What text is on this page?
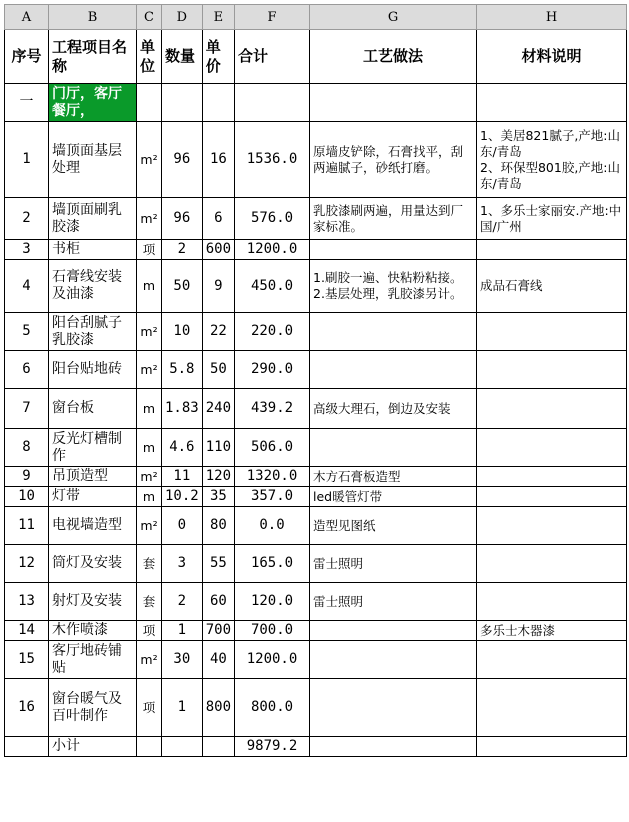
A	B	C	D	E	F	G	H
序号	工程项目名称	单位	数量	单价	合计	工艺做法	材料说明
一	门厅，客厅餐厅，						
1	墙顶面基层处理	m²	96	16	1536.0	原墙皮铲除，石膏找平，刮两遍腻子，砂纸打磨。	1、美居821腻子,产地:山东/青岛
2、环保型801胶,产地:山东/青岛
2	墙顶面刷乳胶漆	m²	96	6	576.0	乳胶漆刷两遍，用量达到厂家标准。	1、多乐士家丽安.产地:中国/广州
3	书柜	项	2	600	1200.0		
4	石膏线安装及油漆	m	50	9	450.0	1.刷胶一遍、快粘粉粘接。2.基层处理，乳胶漆另计。	成品石膏线
5	阳台刮腻子乳胶漆	m²	10	22	220.0		
6	阳台贴地砖	m²	5.8	50	290.0		
7	窗台板	m	1.83	240	439.2	高级大理石，倒边及安装	
8	反光灯槽制作	m	4.6	110	506.0		
9	吊顶造型	m²	11	120	1320.0	木方石膏板造型	
10	灯带	m	10.2	35	357.0	led暖管灯带	
11	电视墙造型	m²	0	80	0.0	造型见图纸	
12	筒灯及安装	套	3	55	165.0	雷士照明	
13	射灯及安装	套	2	60	120.0	雷士照明	
14	木作喷漆	项	1	700	700.0		多乐士木器漆
15	客厅地砖铺贴	m²	30	40	1200.0		
16	窗台暖气及百叶制作	项	1	800	800.0		
	小计				9879.2		
